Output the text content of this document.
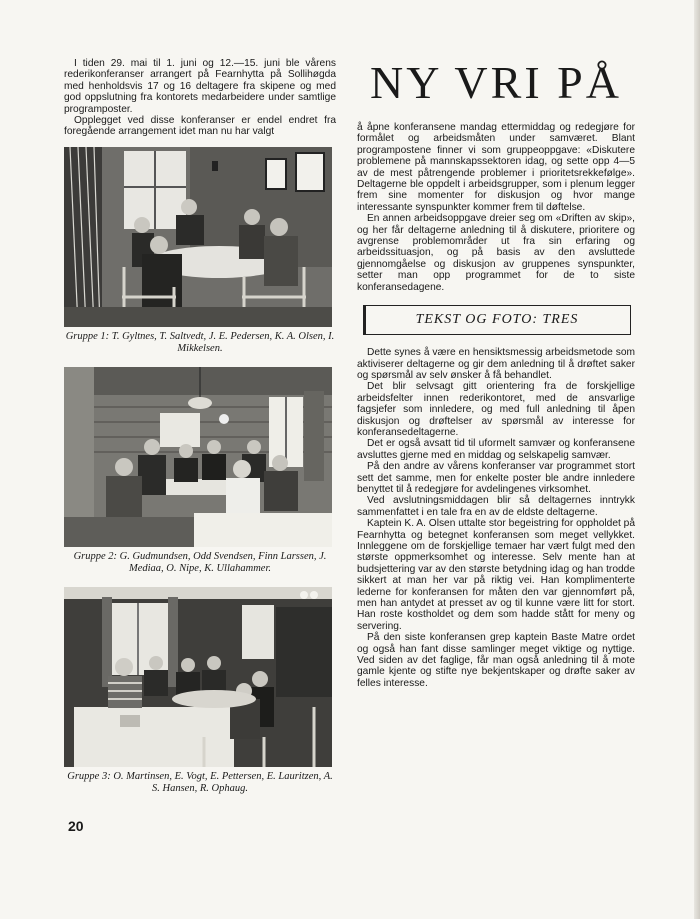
I tiden 29. mai til 1. juni og 12.—15. juni ble vårens rederikonferanser arrangert på Fearnhytta på Sollihøgda med henholdsvis 17 og 16 deltagere fra skipene og med god oppslutning fra kontorets medarbeidere under samtlige programposter.

Opplegget ved disse konferanser er endel endret fra foregående arrangement idet man nu har valgt

Gruppe 1: T. Gyltnes, T. Saltvedt, J. E. Pedersen, K. A. Olsen, I. Mikkelsen.

Gruppe 2: G. Gudmundsen, Odd Svendsen, Finn Larssen, J. Mediaa, O. Nipe, K. Ullahammer.

Gruppe 3: O. Martinsen, E. Vogt, E. Pettersen, E. Lauritzen, A. S. Hansen, R. Ophaug.

NY VRI PÅ

å åpne konferansene mandag ettermiddag og redegjøre for formålet og arbeidsmåten under samværet. Blant programpostene finner vi som gruppeoppgave: «Diskutere problemene på mannskapssektoren idag, og sette opp 4—5 av de mest påtrengende problemer i prioritetsrekkefølge». Deltagerne ble oppdelt i arbeidsgrupper, som i plenum legger frem sine momenter for diskusjon og hvor mange interessante synspunkter kommer frem til døftelse.

En annen arbeidsoppgave dreier seg om «Driften av skip», og her får deltagerne anledning til å diskutere, prioritere og avgrense problemområder ut fra sin erfaring og arbeidssituasjon, og på basis av den avsluttede gjennomgåelse og diskusjon av gruppenes synspunkter, setter man opp programmet for de to siste konferansedagene.

TEKST OG FOTO: TRES

Dette synes å være en hensiktsmessig arbeidsmetode som aktiviserer deltagerne og gir dem anledning til å drøftet saker og spørsmål av selv ønsker å få behandlet.

Det blir selvsagt gitt orientering fra de forskjellige arbeidsfelter innen rederikontoret, med de ansvarlige fagsjefer som innledere, og med full anledning til åpen diskusjon og drøftelser av spørsmål av interesse for konferansedeltagerne.

Det er også avsatt tid til uformelt samvær og konferansene avsluttes gjerne med en middag og selskapelig samvær.

På den andre av vårens konferanser var programmet stort sett det samme, men for enkelte poster ble andre innledere benyttet til å redegjøre for avdelingenes virksomhet.

Ved avslutningsmiddagen blir så deltagernes inntrykk sammenfattet i en tale fra en av de eldste deltagerne.

Kaptein K. A. Olsen uttalte stor begeistring for oppholdet på Fearnhytta og betegnet konferansen som meget vellykket. Innleggene om de forskjellige temaer har vært fulgt med den største oppmerksomhet og interesse. Selv mente han at budsjettering var av den største betydning idag og han trodde sikkert at man her var på riktig vei. Han komplimenterte lederne for konferansen for måten den var gjennomført på, men han antydet at presset av og til kunne være litt for stort. Han roste kostholdet og dem som hadde stått for meny og servering.

På den siste konferansen grep kaptein Baste Matre ordet og også han fant disse samlinger meget viktige og nyttige. Ved siden av det faglige, får man også anledning til å mote gamle kjente og stifte nye bekjentskaper og drøfte saker av felles interesse.

20
